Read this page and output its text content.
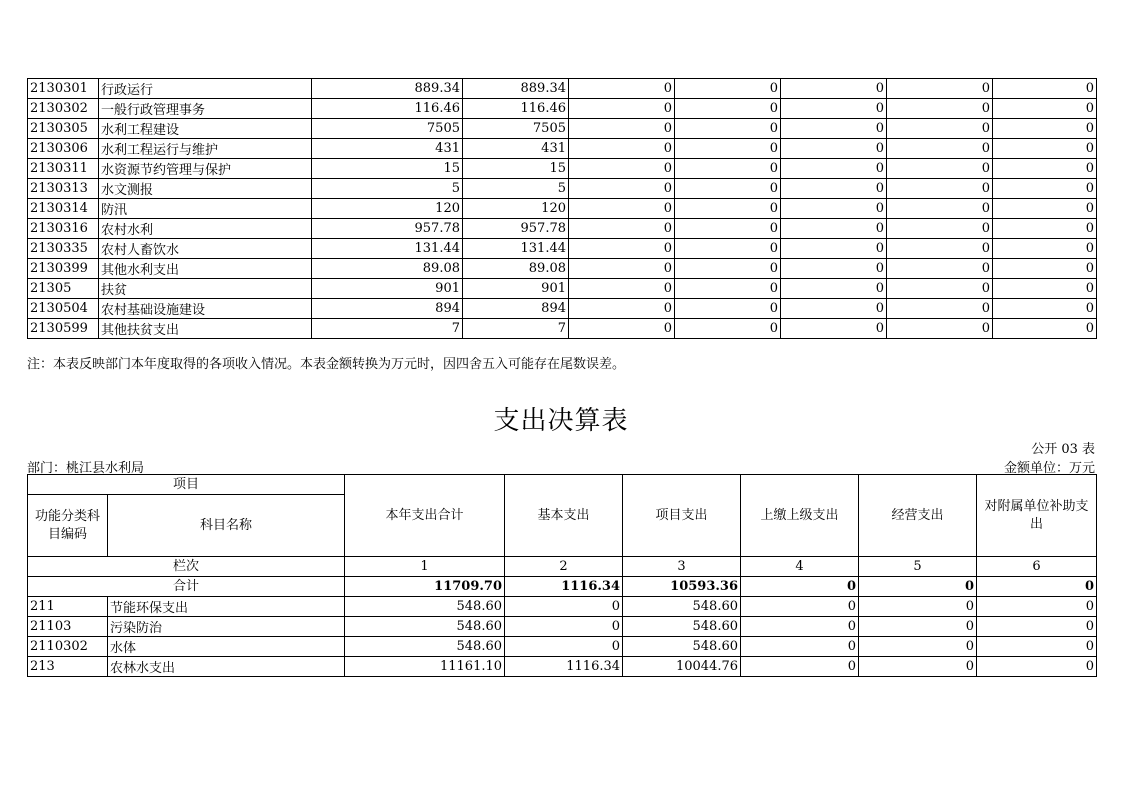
2130301	行政运行	889.34	889.34	0	0	0	0	0
2130302	一般行政管理事务	116.46	116.46	0	0	0	0	0
2130305	水利工程建设	7505	7505	0	0	0	0	0
2130306	水利工程运行与维护	431	431	0	0	0	0	0
2130311	水资源节约管理与保护	15	15	0	0	0	0	0
2130313	水文测报	5	5	0	0	0	0	0
2130314	防汛	120	120	0	0	0	0	0
2130316	农村水利	957.78	957.78	0	0	0	0	0
2130335	农村人畜饮水	131.44	131.44	0	0	0	0	0
2130399	其他水利支出	89.08	89.08	0	0	0	0	0
21305	扶贫	901	901	0	0	0	0	0
2130504	农村基础设施建设	894	894	0	0	0	0	0
2130599	其他扶贫支出	7	7	0	0	0	0	0
注：本表反映部门本年度取得的各项收入情况。本表金额转换为万元时，因四舍五入可能存在尾数误差。
支出决算表
公开 03 表
部门：桃江县水利局	金额单位：万元
项目		本年支出合计	基本支出	项目支出	上缴上级支出	经营支出	对附属单位补助支出
功能分类科目编码	科目名称						
栏次		1	2	3	4	5	6
合计		11709.70	1116.34	10593.36	0	0	0
211	节能环保支出	548.60	0	548.60	0	0	0
21103	污染防治	548.60	0	548.60	0	0	0
2110302	水体	548.60	0	548.60	0	0	0
213	农林水支出	11161.10	1116.34	10044.76	0	0	0
